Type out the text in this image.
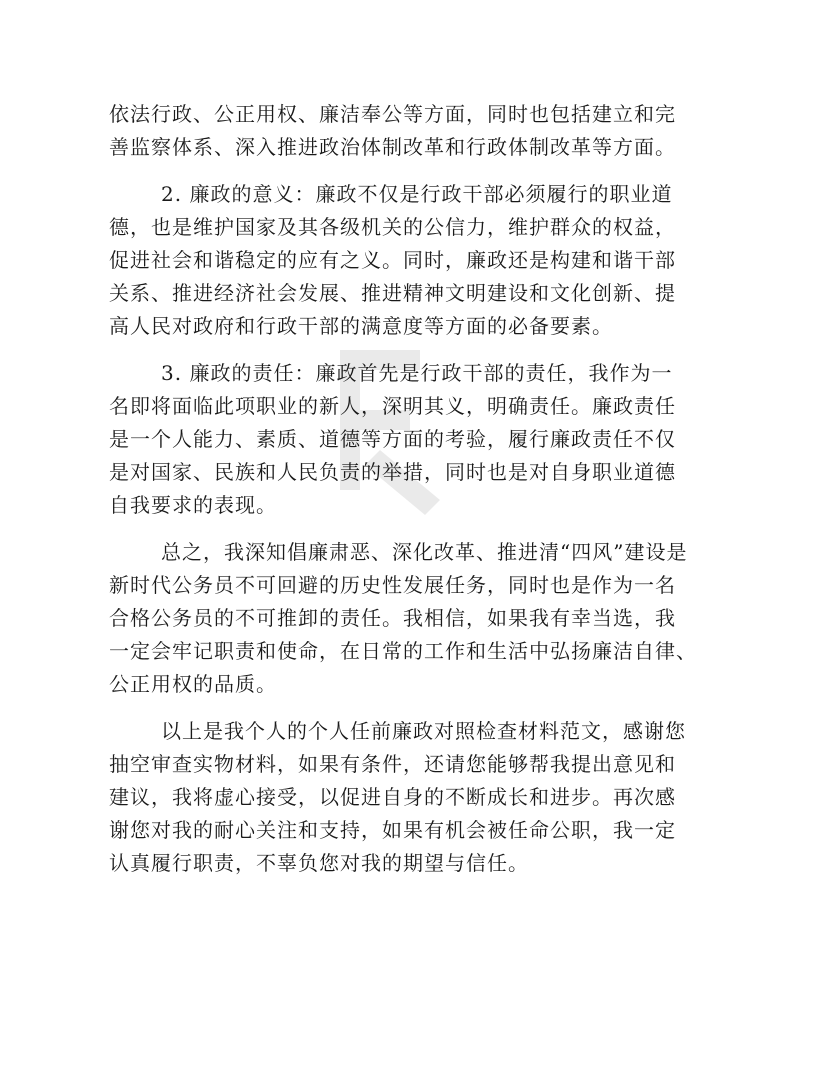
依法行政、公正用权、廉洁奉公等方面，同时也包括建立和完
善监察体系、深入推进政治体制改革和行政体制改革等方面。

2. 廉政的意义：廉政不仅是行政干部必须履行的职业道
德，也是维护国家及其各级机关的公信力，维护群众的权益，
促进社会和谐稳定的应有之义。同时，廉政还是构建和谐干部
关系、推进经济社会发展、推进精神文明建设和文化创新、提
高人民对政府和行政干部的满意度等方面的必备要素。

3. 廉政的责任：廉政首先是行政干部的责任，我作为一
名即将面临此项职业的新人，深明其义，明确责任。廉政责任
是一个人能力、素质、道德等方面的考验，履行廉政责任不仅
是对国家、民族和人民负责的举措，同时也是对自身职业道德
自我要求的表现。

总之，我深知倡廉肃恶、深化改革、推进清“四风”建设是
新时代公务员不可回避的历史性发展任务，同时也是作为一名
合格公务员的不可推卸的责任。我相信，如果我有幸当选，我
一定会牢记职责和使命，在日常的工作和生活中弘扬廉洁自律、
公正用权的品质。

以上是我个人的个人任前廉政对照检查材料范文，感谢您
抽空审查实物材料，如果有条件，还请您能够帮我提出意见和
建议，我将虚心接受，以促进自身的不断成长和进步。再次感
谢您对我的耐心关注和支持，如果有机会被任命公职，我一定
认真履行职责，不辜负您对我的期望与信任。
